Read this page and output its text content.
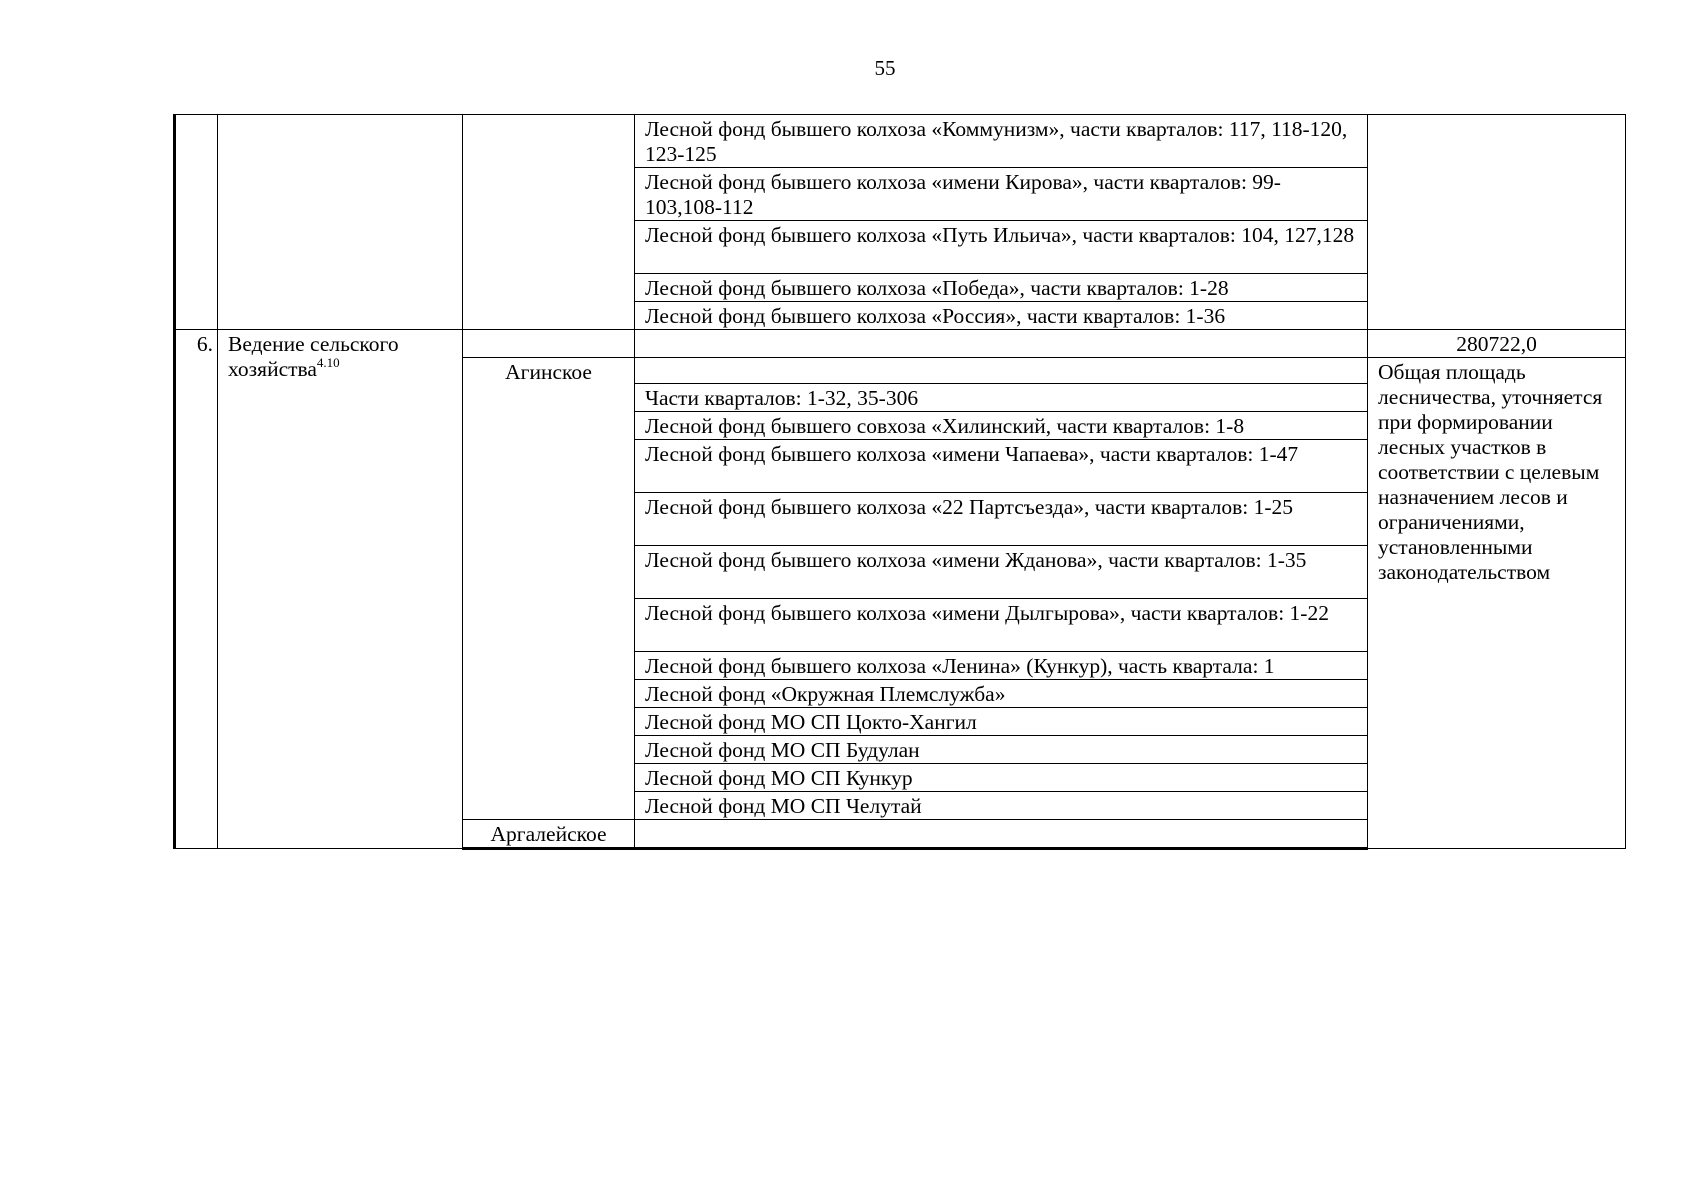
55
			Лесной фонд бывшего колхоза «Коммунизм», части кварталов: 117, 118-120, 123-125	
			Лесной фонд бывшего колхоза «имени Кирова», части кварталов: 99-103,108-112	
			Лесной фонд бывшего колхоза «Путь Ильича», части кварталов: 104, 127,128	
			Лесной фонд бывшего колхоза «Победа», части кварталов: 1-28	
			Лесной фонд бывшего колхоза «Россия», части кварталов: 1-36	
6.	Ведение сельского хозяйства$^{4.10}$			280722,0
		Агинское		Общая площадь лесничества, уточняется при формировании лесных участков в соответствии с целевым назначением лесов и ограничениями, установленными законодательством
			Части кварталов: 1-32, 35-306	
			Лесной фонд бывшего совхоза «Хилинский, части кварталов: 1-8	
			Лесной фонд бывшего колхоза «имени Чапаева», части кварталов: 1-47	
			Лесной фонд бывшего колхоза «22 Партсъезда», части кварталов: 1-25	
			Лесной фонд бывшего колхоза «имени Жданова», части кварталов: 1-35	
			Лесной фонд бывшего колхоза «имени Дылгырова», части кварталов: 1-22	
			Лесной фонд бывшего колхоза «Ленина» (Кункур), часть квартала: 1	
			Лесной фонд «Окружная Племслужба»	
			Лесной фонд МО СП Цокто-Хангил	
			Лесной фонд МО СП Будулан	
			Лесной фонд МО СП Кункур	
			Лесной фонд МО СП Челутай	
		Аргалейское		
